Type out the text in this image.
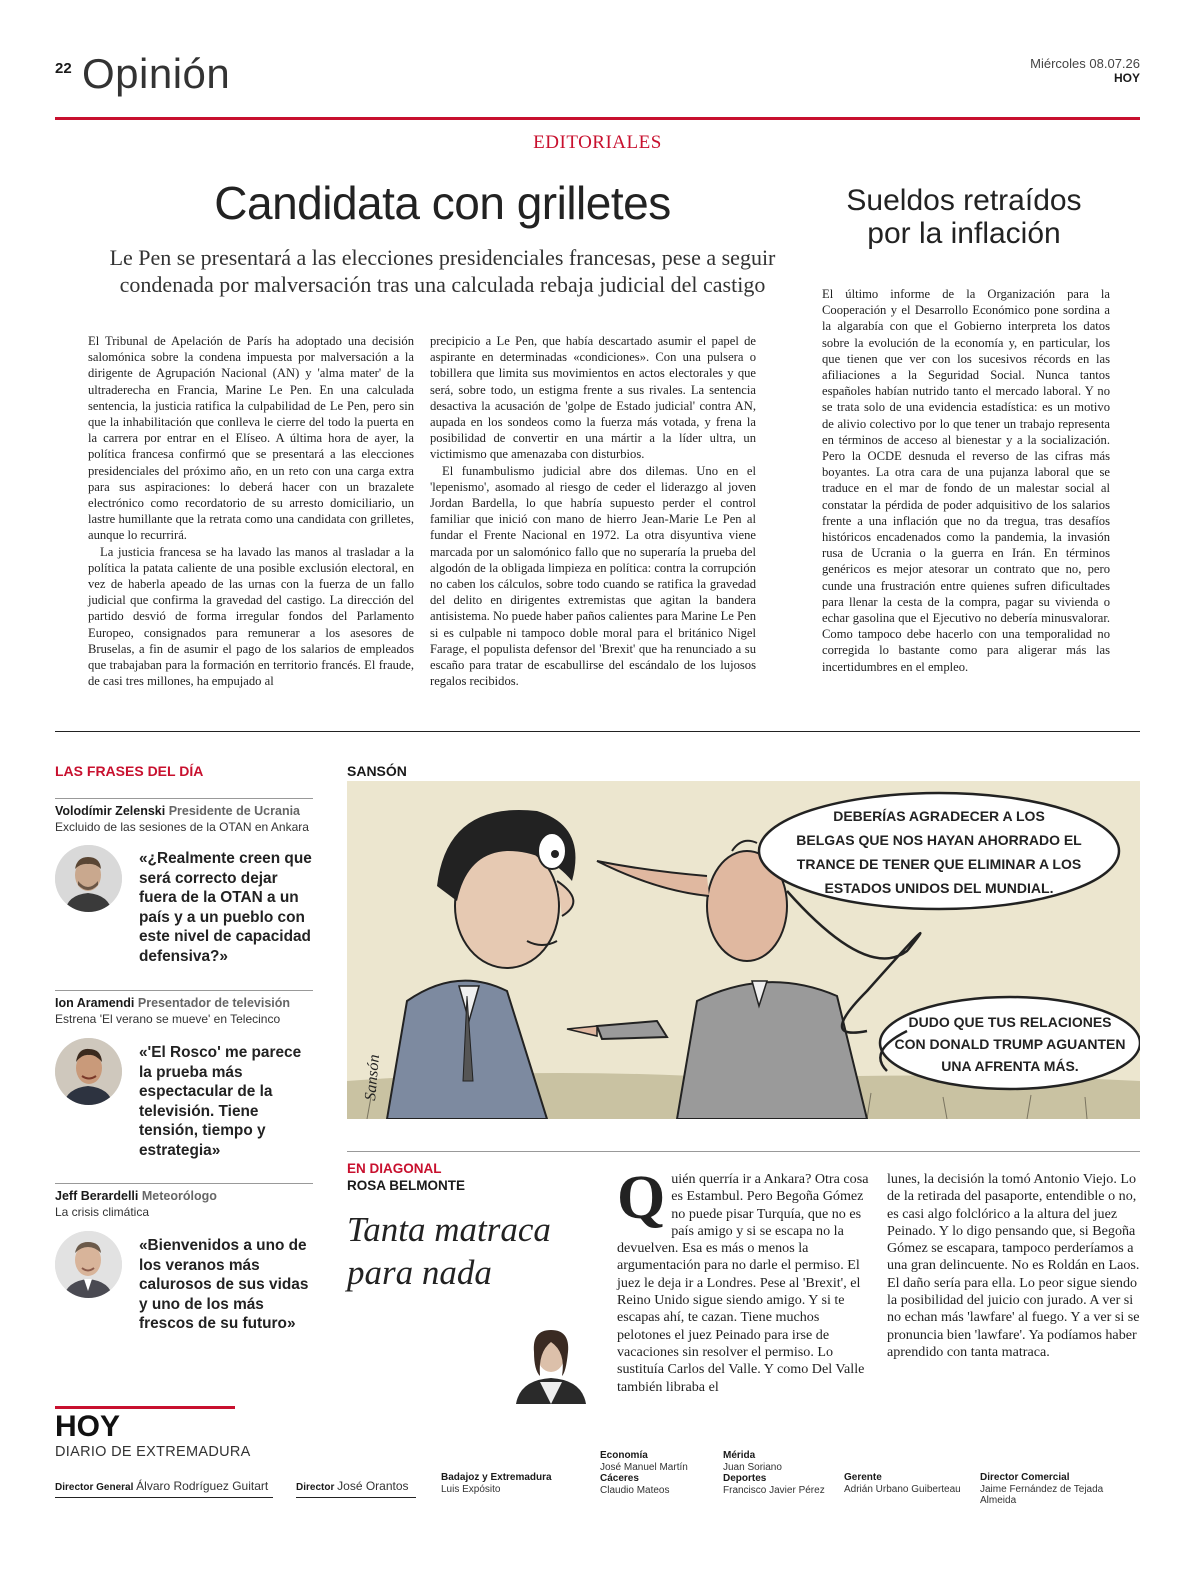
22 Opinión	Miércoles 08.07.26
HOY
EDITORIALES
Candidata con grilletes
Le Pen se presentará a las elecciones presidenciales francesas, pese a seguir condenada por malversación tras una calculada rebaja judicial del castigo

El Tribunal de Apelación de París ha adoptado una decisión salomónica sobre la condena impuesta por malversación a la dirigente de Agrupación Nacional (AN) y 'alma mater' de la ultraderecha en Francia, Marine Le Pen. En una calculada sentencia, la justicia ratifica la culpabilidad de Le Pen, pero sin que la inhabilitación que conlleva le cierre del todo la puerta en la carrera por entrar en el Elíseo. A última hora de ayer, la política francesa confirmó que se presentará a las elecciones presidenciales del próximo año, en un reto con una carga extra para sus aspiraciones: lo deberá hacer con un brazalete electrónico como recordatorio de su arresto domiciliario, un lastre humillante que la retrata como una candidata con grilletes, aunque lo recurrirá.

La justicia francesa se ha lavado las manos al trasladar a la política la patata caliente de una posible exclusión electoral, en vez de haberla apeado de las urnas con la fuerza de un fallo judicial que confirma la gravedad del castigo. La dirección del partido desvió de forma irregular fondos del Parlamento Europeo, consignados para remunerar a los asesores de Bruselas, a fin de asumir el pago de los salarios de empleados que trabajaban para la formación en territorio francés. El fraude, de casi tres millones, ha empujado al

precipicio a Le Pen, que había descartado asumir el papel de aspirante en determinadas «condiciones». Con una pulsera o tobillera que limita sus movimientos en actos electorales y que será, sobre todo, un estigma frente a sus rivales. La sentencia desactiva la acusación de 'golpe de Estado judicial' contra AN, aupada en los sondeos como la fuerza más votada, y frena la posibilidad de convertir en una mártir a la líder ultra, un victimismo que amenazaba con disturbios.

El funambulismo judicial abre dos dilemas. Uno en el 'lepenismo', asomado al riesgo de ceder el liderazgo al joven Jordan Bardella, lo que habría supuesto perder el control familiar que inició con mano de hierro Jean-Marie Le Pen al fundar el Frente Nacional en 1972. La otra disyuntiva viene marcada por un salomónico fallo que no superaría la prueba del algodón de la obligada limpieza en política: contra la corrupción no caben los cálculos, sobre todo cuando se ratifica la gravedad del delito en dirigentes extremistas que agitan la bandera antisistema. No puede haber paños calientes para Marine Le Pen si es culpable ni tampoco doble moral para el británico Nigel Farage, el populista defensor del 'Brexit' que ha renunciado a su escaño para tratar de escabullirse del escándalo de los lujosos regalos recibidos.

Sueldos retraídos
por la inflación

El último informe de la Organización para la Cooperación y el Desarrollo Económico pone sordina a la algarabía con que el Gobierno interpreta los datos sobre la evolución de la economía y, en particular, los que tienen que ver con los sucesivos récords en las afiliaciones a la Seguridad Social. Nunca tantos españoles habían nutrido tanto el mercado laboral. Y no se trata solo de una evidencia estadística: es un motivo de alivio colectivo por lo que tener un trabajo representa en términos de acceso al bienestar y a la socialización. Pero la OCDE desnuda el reverso de las cifras más boyantes. La otra cara de una pujanza laboral que se traduce en el mar de fondo de un malestar social al constatar la pérdida de poder adquisitivo de los salarios frente a una inflación que no da tregua, tras desafíos históricos encadenados como la pandemia, la invasión rusa de Ucrania o la guerra en Irán. En términos genéricos es mejor atesorar un contrato que no, pero cunde una frustración entre quienes sufren dificultades para llenar la cesta de la compra, pagar su vivienda o echar gasolina que el Ejecutivo no debería minusvalorar. Como tampoco debe hacerlo con una temporalidad no corregida lo bastante como para aligerar más las incertidumbres en el empleo.

LAS FRASES DEL DÍA
Volodímir Zelenski Presidente de Ucrania
Excluido de las sesiones de la OTAN en Ankara
«¿Realmente creen que será correcto dejar fuera de la OTAN a un país y a un pueblo con este nivel de capacidad defensiva?»
Ion Aramendi Presentador de televisión
Estrena 'El verano se mueve' en Telecinco
«'El Rosco' me parece la prueba más espectacular de la televisión. Tiene tensión, tiempo y estrategia»
Jeff Berardelli Meteorólogo
La crisis climática
«Bienvenidos a uno de los veranos más calurosos de sus vidas y uno de los más frescos de su futuro»
SANSÓN
DEBERÍAS AGRADECER A LOS
BELGAS QUE NOS HAYAN AHORRADO EL
TRANCE DE TENER QUE ELIMINAR A LOS
ESTADOS UNIDOS DEL MUNDIAL.
DUDO QUE TUS RELACIONES
CON DONALD TRUMP AGUANTEN
UNA AFRENTA MÁS.
Sansón
EN DIAGONAL
ROSA BELMONTE
Tanta matraca para nada
Quién querría ir a Ankara? Otra cosa es Estambul. Pero Begoña Gómez no puede pisar Turquía, que no es país amigo y si se escapa no la devuelven. Esa es más o menos la argumentación para no darle el permiso. El juez le deja ir a Londres. Pese al 'Brexit', el Reino Unido sigue siendo amigo. Y si te escapas ahí, te cazan. Tiene muchos pelotones el juez Peinado para irse de vacaciones sin resolver el permiso. Lo sustituía Carlos del Valle. Y como Del Valle también libraba el
lunes, la decisión la tomó Antonio Viejo. Lo de la retirada del pasaporte, entendible o no, es casi algo folclórico a la altura del juez Peinado. Y lo digo pensando que, si Begoña Gómez se escapara, tampoco perderíamos a una gran delincuente. No es Roldán en Laos. El daño sería para ella. Lo peor sigue siendo la posibilidad del juicio con jurado. A ver si no echan más 'lawfare' al fuego. Y a ver si se pronuncia bien 'lawfare'. Ya podíamos haber aprendido con tanta matraca.
HOY
DIARIO DE EXTREMADURA
Director General Álvaro Rodríguez Guitart	Director José Orantos
Badajoz y Extremadura
Luis Expósito
Economía
José Manuel Martín
Cáceres
Claudio Mateos
Mérida
Juan Soriano
Deportes
Francisco Javier Pérez
Gerente
Adrián Urbano Guiberteau
Director Comercial
Jaime Fernández de Tejada Almeida
